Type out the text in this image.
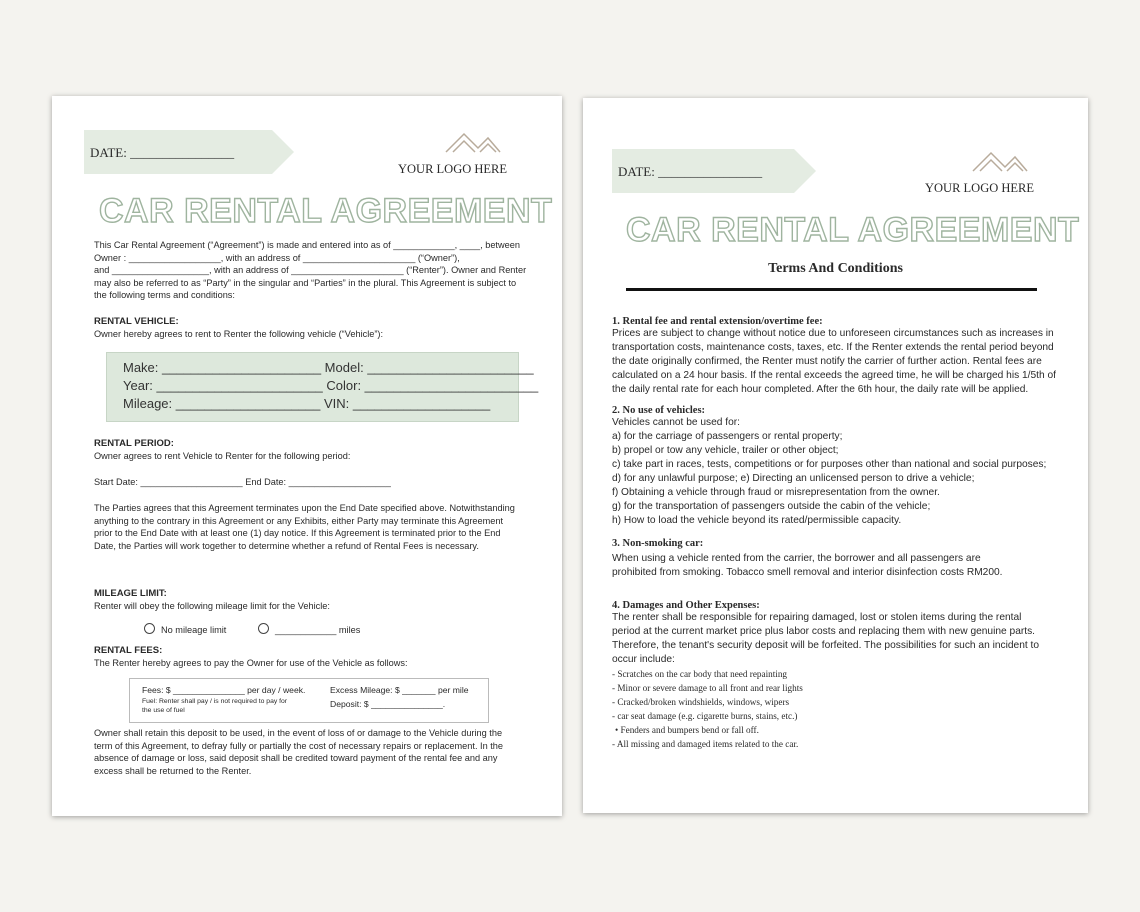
DATE: ________________
YOUR LOGO HERE
CAR RENTAL AGREEMENT
This Car Rental Agreement (“Agreement”) is made and entered into as of ____________, ____, between
Owner : __________________, with an address of ______________________ (“Owner”),
and ___________________, with an address of ______________________ (“Renter”). Owner and Renter
may also be referred to as “Party” in the singular and “Parties” in the plural. This Agreement is subject to
the following terms and conditions:
RENTAL VEHICLE:
Owner hereby agrees to rent to Renter the following vehicle (“Vehicle”):
Make: ______________________ Model: _______________________
Year: _______________________ Color: ________________________
Mileage: ____________________ VIN: ___________________
RENTAL PERIOD:
Owner agrees to rent Vehicle to Renter for the following period:
Start Date: ____________________ End Date: ____________________
The Parties agrees that this Agreement terminates upon the End Date specified above. Notwithstanding
anything to the contrary in this Agreement or any Exhibits, either Party may terminate this Agreement
prior to the End Date with at least one (1) day notice. If this Agreement is terminated prior to the End
Date, the Parties will work together to determine whether a refund of Rental Fees is necessary.
MILEAGE LIMIT:
Renter will obey the following mileage limit for the Vehicle:
No mileage limit	____________ miles
RENTAL FEES:
The Renter hereby agrees to pay the Owner for use of the Vehicle as follows:
Fees: $ _______________ per day / week.
Fuel: Renter shall pay / is not required to pay for
the use of fuel
Excess Mileage: $ _______ per mile
Deposit: $ _______________.
Owner shall retain this deposit to be used, in the event of loss of or damage to the Vehicle during the
term of this Agreement, to defray fully or partially the cost of necessary repairs or replacement. In the
absence of damage or loss, said deposit shall be credited toward payment of the rental fee and any
excess shall be returned to the Renter.
DATE: ________________
YOUR LOGO HERE
CAR RENTAL AGREEMENT
Terms And Conditions

1. Rental fee and rental extension/overtime fee:

Prices are subject to change without notice due to unforeseen circumstances such as increases in
transportation costs, maintenance costs, taxes, etc. If the Renter extends the rental period beyond
the date originally confirmed, the Renter must notify the carrier of further action. Rental fees are
calculated on a 24 hour basis. If the rental exceeds the agreed time, he will be charged his 1/5th of
the daily rental rate for each hour completed. After the 6th hour, the daily rate will be applied.

2. No use of vehicles:

Vehicles cannot be used for:
a) for the carriage of passengers or rental property;
b) propel or tow any vehicle, trailer or other object;
c) take part in races, tests, competitions or for purposes other than national and social purposes;
d) for any unlawful purpose; e) Directing an unlicensed person to drive a vehicle;
f) Obtaining a vehicle through fraud or misrepresentation from the owner.
g) for the transportation of passengers outside the cabin of the vehicle;
h) How to load the vehicle beyond its rated/permissible capacity.

3. Non-smoking car:

When using a vehicle rented from the carrier, the borrower and all passengers are
prohibited from smoking. Tobacco smell removal and interior disinfection costs RM200.

4. Damages and Other Expenses:

The renter shall be responsible for repairing damaged, lost or stolen items during the rental
period at the current market price plus labor costs and replacing them with new genuine parts.
Therefore, the tenant's security deposit will be forfeited. The possibilities for such an incident to
occur include:
- Scratches on the car body that need repainting
- Minor or severe damage to all front and rear lights
- Cracked/broken windshields, windows, wipers
- car seat damage (e.g. cigarette burns, stains, etc.)
• Fenders and bumpers bend or fall off.
- All missing and damaged items related to the car.
